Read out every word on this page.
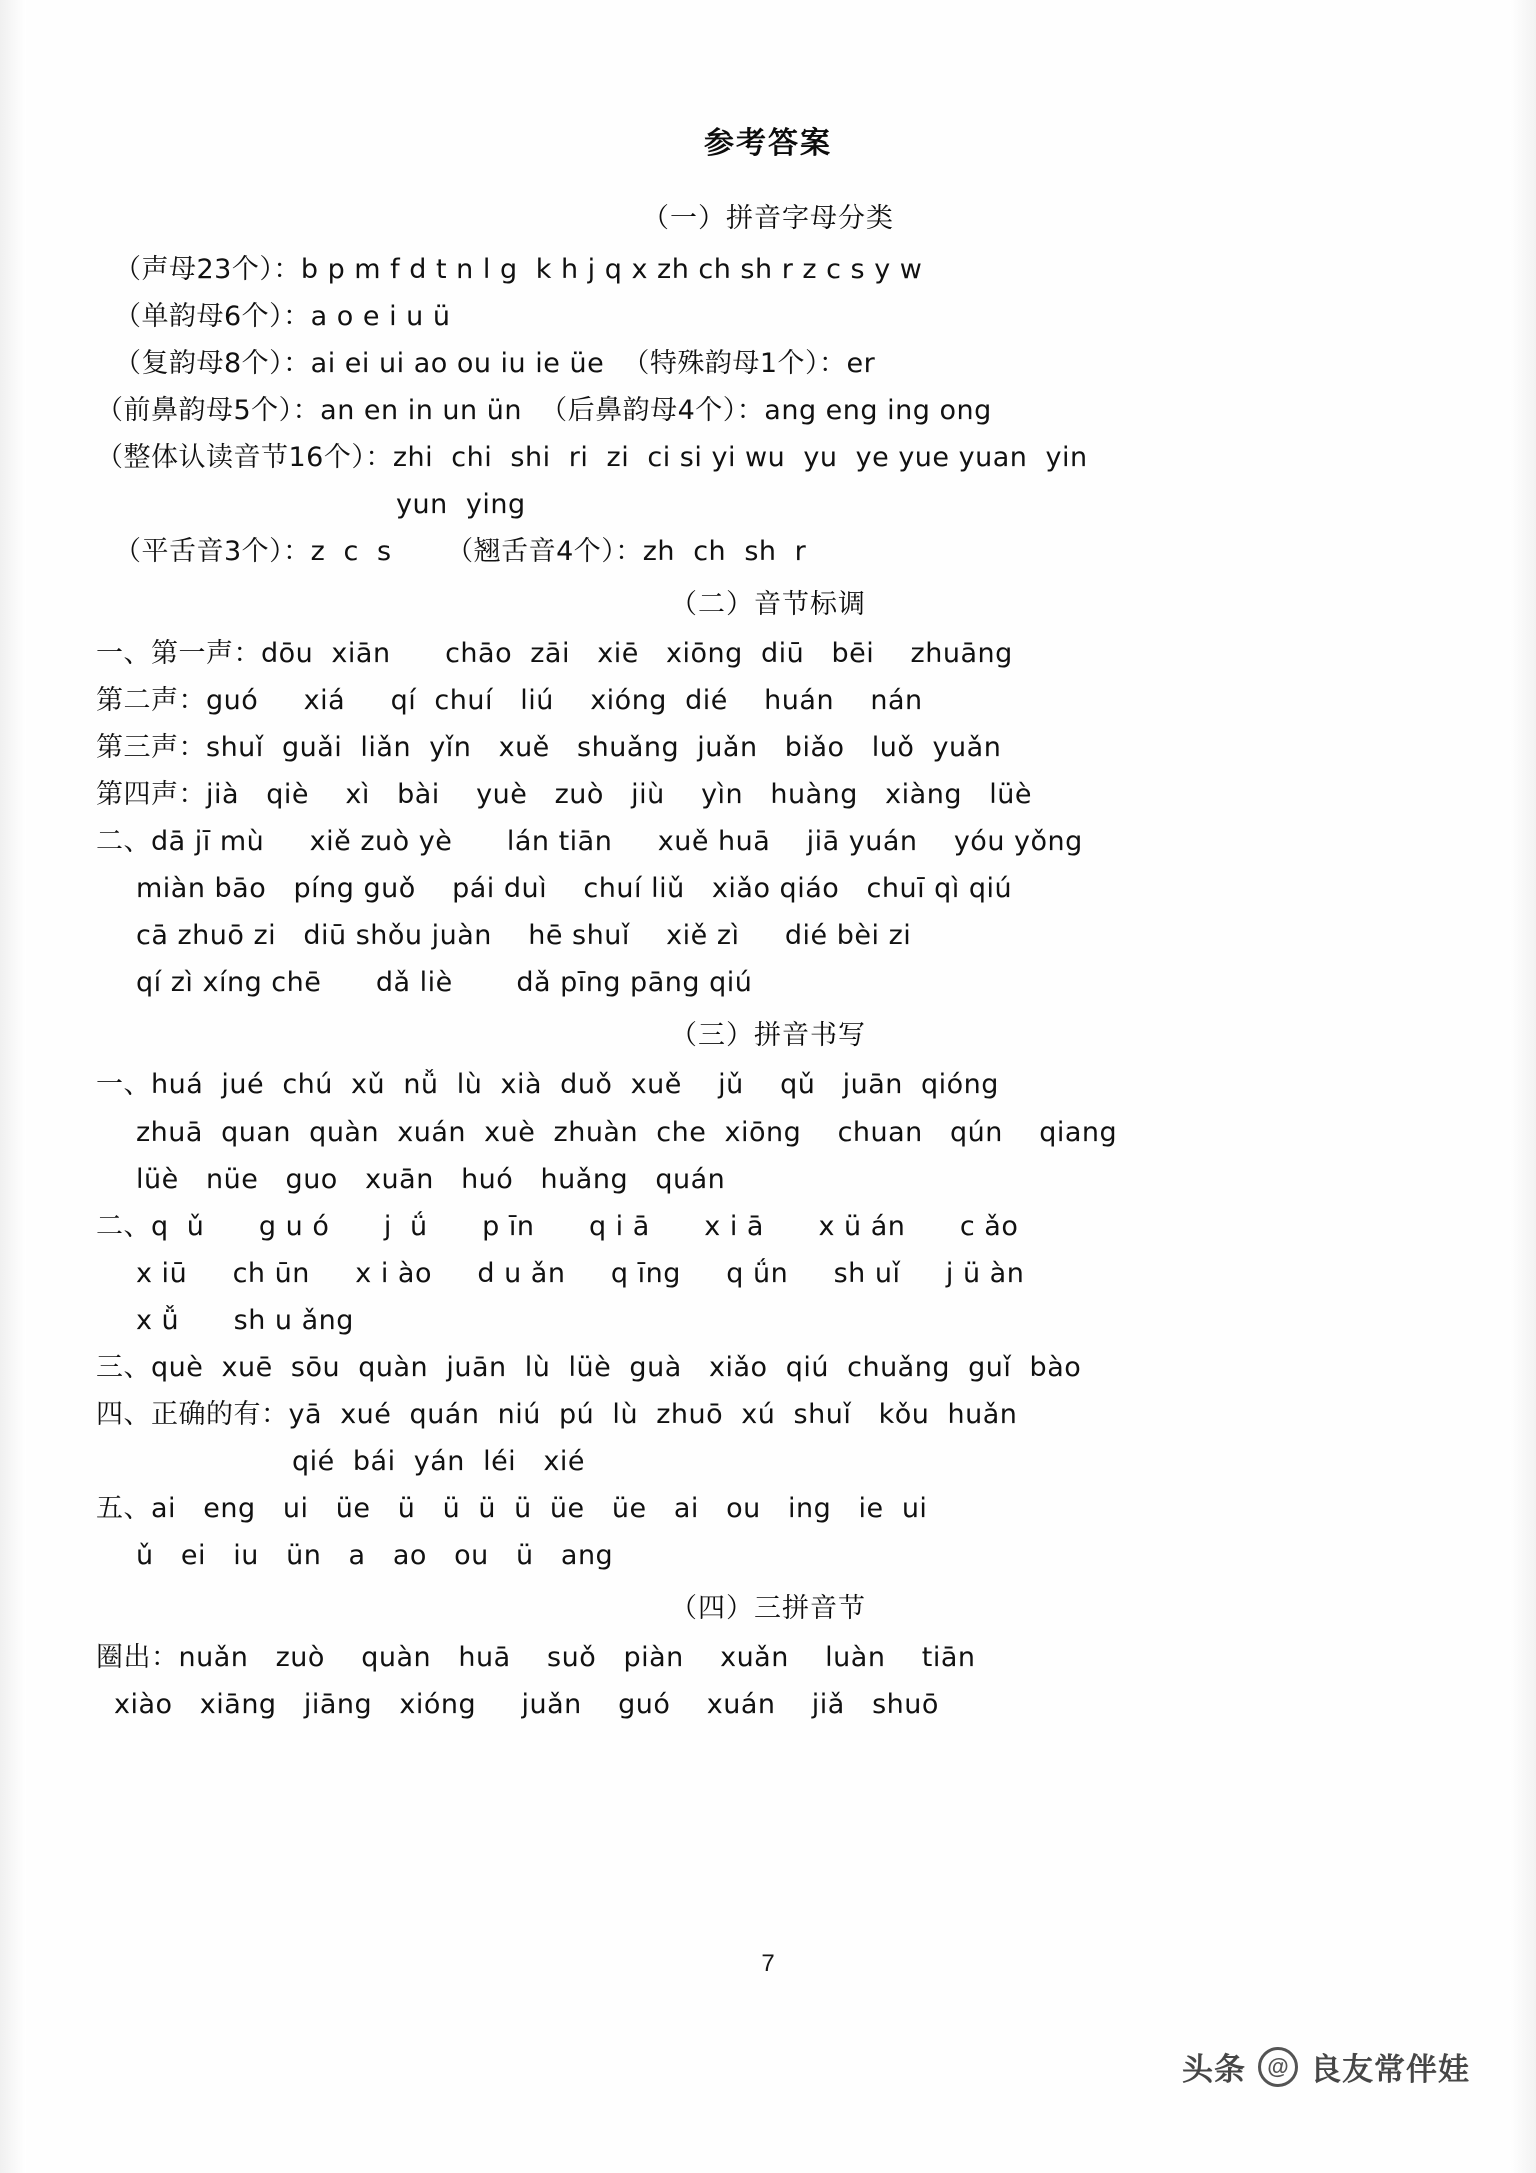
参考答案
（一）拼音字母分类
（声母23个）：b p m f d t n l g  k h j q x zh ch sh r z c s y w
（单韵母6个）：a o e i u ü
（复韵母8个）：ai ei ui ao ou iu ie üe  （特殊韵母1个）：er
（前鼻韵母5个）：an en in un ün  （后鼻韵母4个）：ang eng ing ong
（整体认读音节16个）：zhi  chi  shi  ri  zi  ci si yi wu  yu  ye yue yuan  yin
yun  ying
（平舌音3个）：z  c  s      （翘舌音4个）：zh  ch  sh  r
（二）音节标调
一、第一声：dōu  xiān      chāo  zāi   xiē   xiōng  diū   bēi    zhuāng
第二声：guó     xiá     qí  chuí   liú    xióng  dié    huán    nán
第三声：shuǐ  guǎi  liǎn  yǐn   xuě   shuǎng  juǎn   biǎo   luǒ  yuǎn
第四声：jià   qiè    xì   bài    yuè   zuò   jiù    yìn   huàng   xiàng   lüè
二、dā jī mù     xiě zuò yè      lán tiān     xuě huā    jiā yuán    yóu yǒng
miàn bāo   píng guǒ    pái duì    chuí liǔ   xiǎo qiáo   chuī qì qiú
cā zhuō zi   diū shǒu juàn    hē shuǐ    xiě zì     dié bèi zi
qí zì xíng chē      dǎ liè       dǎ pīng pāng qiú
（三）拼音书写
一、huá  jué  chú  xǔ  nǚ  lù  xià  duǒ  xuě    jǔ    qǔ   juān  qióng
zhuā  quan  quàn  xuán  xuè  zhuàn  che  xiōng    chuan   qún    qiang
lüè   nüe   guo   xuān   huó   huǎng   quán
二、q  ǔ      g u ó      j  ǘ      p īn      q i ā      x i ā      x ü án      c ǎo
x iū     ch ūn     x i ào     d u ǎn     q īng     q ǘn     sh uǐ     j ü àn
x ǚ      sh u ǎng
三、què  xuē  sōu  quàn  juān  lù  lüè  guà   xiǎo  qiú  chuǎng  guǐ  bào
四、正确的有：yā  xué  quán  niú  pú  lù  zhuō  xú  shuǐ   kǒu  huǎn
qié  bái  yán  léi   xié
五、ai   eng   ui   üe   ü   ü  ü  ü  üe   üe   ai   ou   ing   ie  ui
ǔ   ei   iu   ün   a   ao   ou   ü   ang
（四）三拼音节
圈出：nuǎn   zuò    quàn   huā    suǒ   piàn    xuǎn    luàn    tiān
xiào   xiāng   jiāng   xióng     juǎn    guó    xuán    jiǎ   shuō
7
头条 @ 良友常伴娃
